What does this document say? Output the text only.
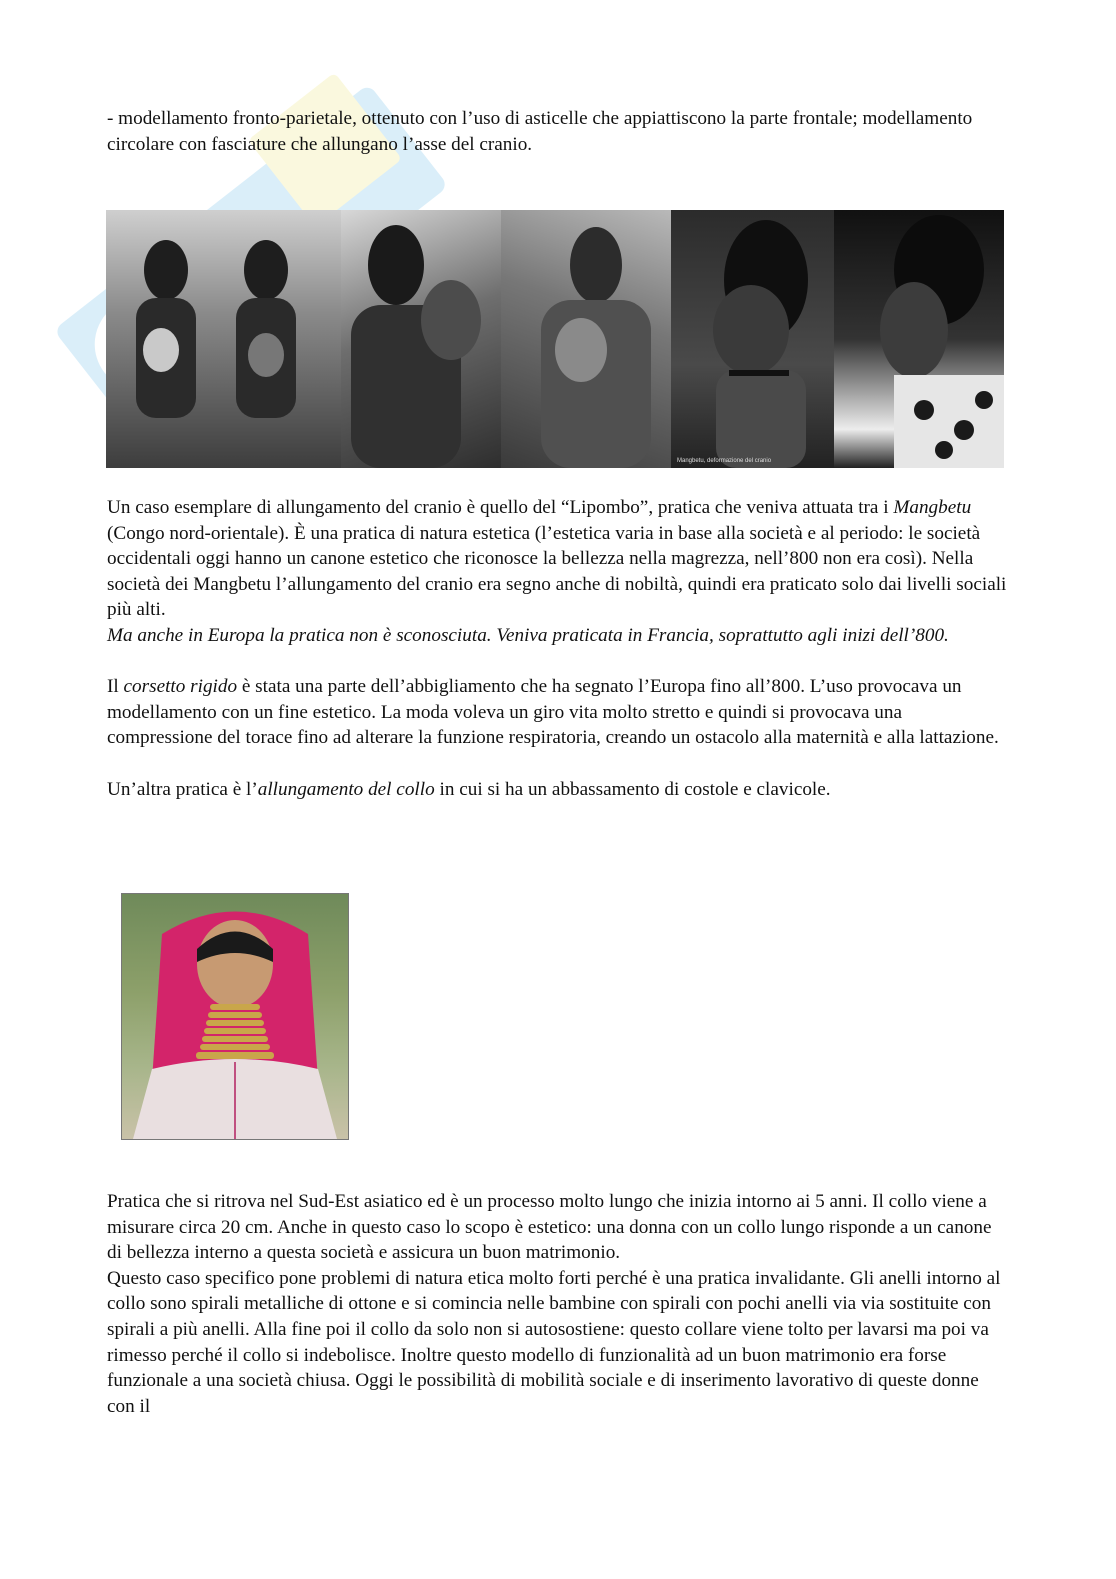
- modellamento fronto-parietale, ottenuto con l’uso di asticelle che appiattiscono la parte frontale; modellamento circolare con fasciature che allungano l’asse del cranio.

Mangbetu, deformazione del cranio

Un caso esemplare di allungamento del cranio è quello del “Lipombo”, pratica che veniva attuata tra i Mangbetu (Congo nord-orientale). È una pratica di natura estetica (l’estetica varia in base alla società e al periodo: le società occidentali oggi hanno un canone estetico che riconosce la bellezza nella magrezza, nell’800 non era così). Nella società dei Mangbetu l’allungamento del cranio era segno anche di nobiltà, quindi era praticato solo dai livelli sociali più alti.

Ma anche in Europa la pratica non è sconosciuta. Veniva praticata in Francia, soprattutto agli inizi dell’800.

Il corsetto rigido è stata una parte dell’abbigliamento che ha segnato l’Europa fino all’800. L’uso provocava un modellamento con un fine estetico. La moda voleva un giro vita molto stretto e quindi si provocava una compressione del torace fino ad alterare la funzione respiratoria, creando un ostacolo alla maternità e alla lattazione.

Un’altra pratica è l’allungamento del collo in cui si ha un abbassamento di costole e clavicole.

Pratica che si ritrova nel Sud-Est asiatico ed è un processo molto lungo che inizia intorno ai 5 anni. Il collo viene a misurare circa 20 cm. Anche in questo caso lo scopo è estetico: una donna con un collo lungo risponde a un canone di bellezza interno a questa società e assicura un buon matrimonio.

Questo caso specifico pone problemi di natura etica molto forti perché è una pratica invalidante. Gli anelli intorno al collo sono spirali metalliche di ottone e si comincia nelle bambine con spirali con pochi anelli via via sostituite con spirali a più anelli. Alla fine poi il collo da solo non si autosostiene: questo collare viene tolto per lavarsi ma poi va rimesso perché il collo si indebolisce. Inoltre questo modello di funzionalità ad un buon matrimonio era forse funzionale a una società chiusa. Oggi le possibilità di mobilità sociale e di inserimento lavorativo di queste donne con il
